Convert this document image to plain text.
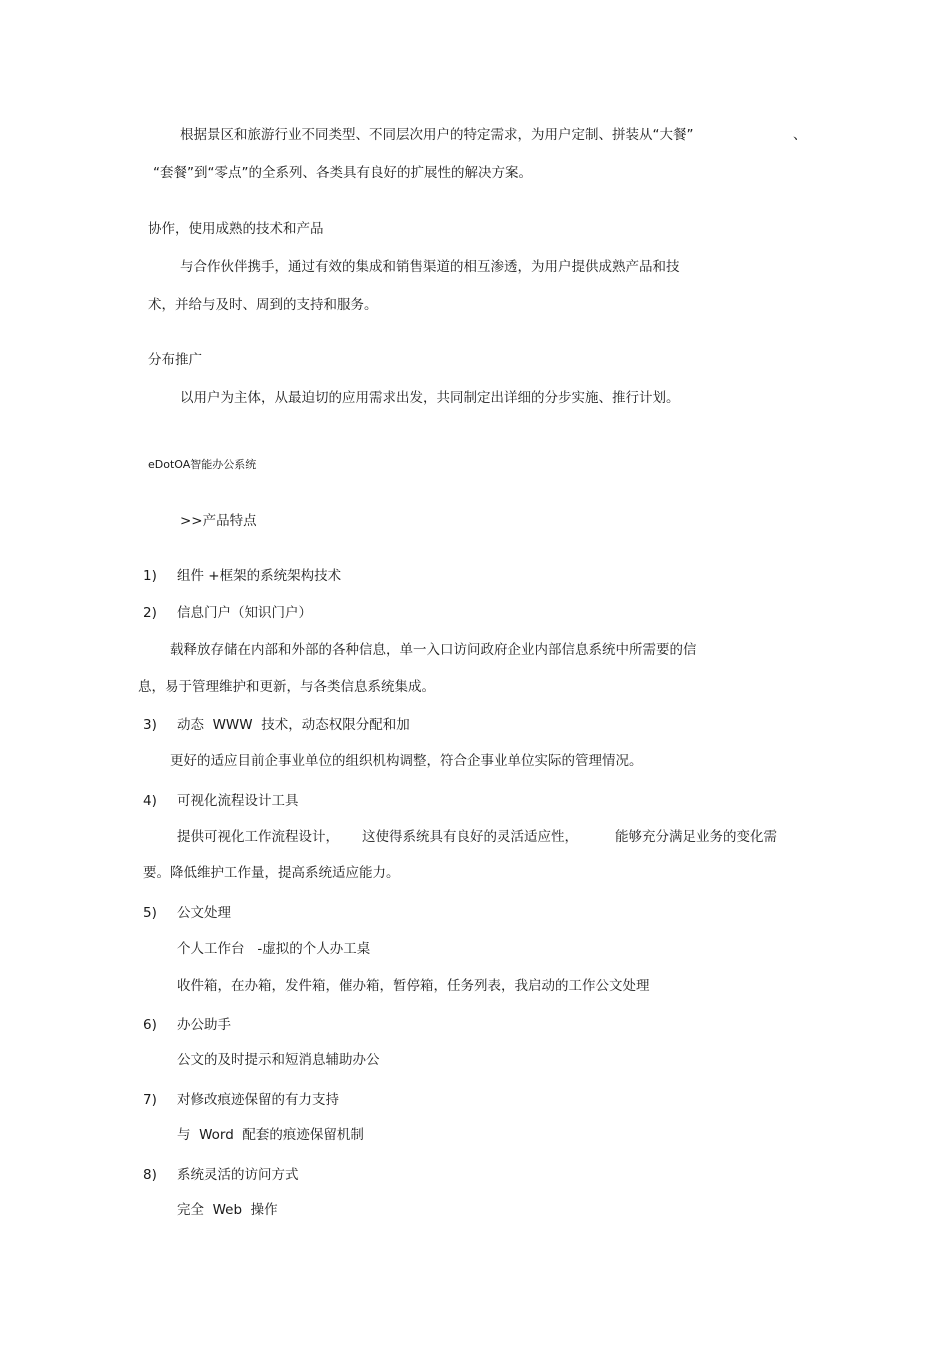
根据景区和旅游行业不同类型、不同层次用户的特定需求，为用户定制、拼装从“大餐”	、
“套餐”到“零点”的全系列、各类具有良好的扩展性的解决方案。
协作，使用成熟的技术和产品
与合作伙伴携手，通过有效的集成和销售渠道的相互渗透，为用户提供成熟产品和技
术，并给与及时、周到的支持和服务。
分布推广
以用户为主体，从最迫切的应用需求出发，共同制定出详细的分步实施、推行计划。
eDotOA智能办公系统
>>产品特点
1) 组件 +框架的系统架构技术
2) 信息门户（知识门户）
载释放存储在内部和外部的各种信息，单一入口访问政府企业内部信息系统中所需要的信
息，易于管理维护和更新，与各类信息系统集成。
3) 动态  WWW  技术，动态权限分配和加
更好的适应目前企事业单位的组织机构调整，符合企事业单位实际的管理情况。
4) 可视化流程设计工具
提供可视化工作流程设计， 这使得系统具有良好的灵活适应性，	能够充分满足业务的变化需
要。降低维护工作量，提高系统适应能力。
5) 公文处理
个人工作台   -虚拟的个人办工桌
收件箱，在办箱，发件箱，催办箱，暂停箱，任务列表，我启动的工作公文处理
6) 办公助手
公文的及时提示和短消息辅助办公
7) 对修改痕迹保留的有力支持
与  Word  配套的痕迹保留机制
8) 系统灵活的访问方式
完全  Web  操作
